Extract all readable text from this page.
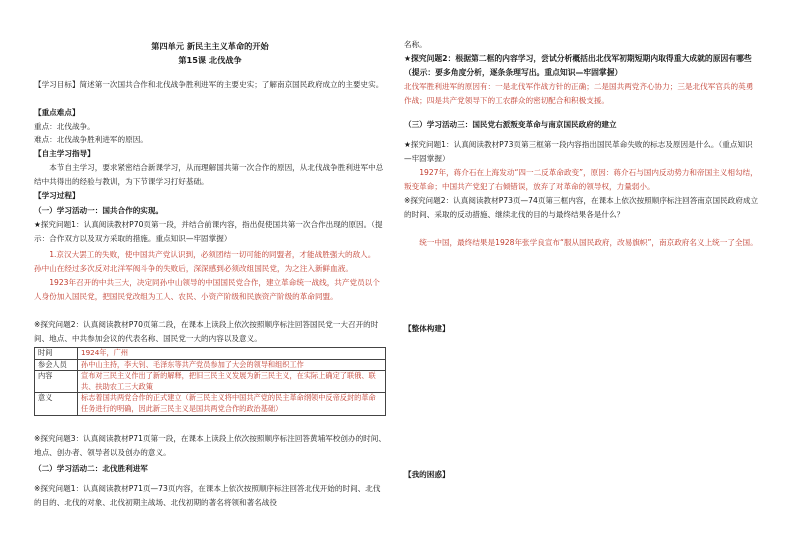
第四单元 新民主主义革命的开始
第15课 北伐战争
【学习目标】简述第一次国共合作和北伐战争胜利进军的主要史实；了解南京国民政府成立的主要史实。
【重点难点】
重点：北伐战争。
难点：北伐战争胜利进军的原因。
【自主学习指导】
本节自主学习，要求紧密结合新课学习，从而理解国共第一次合作的原因，从北伐战争胜利进军中总结中共得出的经验与教训，为下节课学习打好基础。
【学习过程】
（一）学习活动一：国共合作的实现。
★探究问题1：认真阅读教材P70页第一段，并结合前课内容，指出促使国共第一次合作出现的原因。（提示：合作双方以及双方采取的措施。重点知识—牢固掌握）
1.京汉大罢工的失败，使中国共产党认识到，必须团结一切可能的同盟者，才能战胜强大的敌人。
孙中山在经过多次反对北洋军阀斗争的失败后，深深感到必须改组国民党，为之注入新鲜血液。
1923年召开的中共三大，决定同孙中山领导的中国国民党合作，建立革命统一战线，共产党员以个人身份加入国民党，把国民党改组为工人、农民、小资产阶级和民族资产阶级的革命同盟。
※探究问题2：认真阅读教材P70页第二段，在课本上读段上依次按照顺序标注回答国民党一大召开的时间、地点、中共参加会议的代表名称、国民党一大的内容以及意义。
时间	1924年，广州
参会人员	孙中山主持，李大钊、毛泽东等共产党员参加了大会的领导和组织工作
内容	宣布对三民主义作出了新的解释，把旧三民主义发展为新三民主义，在实际上确定了联俄、联共、扶助农工三大政策
意义	标志着国共两党合作的正式建立（新三民主义将中国共产党的民主革命纲领中反帝反封的革命任务进行的明确，因此新三民主义是国共两党合作的政治基础）
※探究问题3：认真阅读教材P71页第一段，在课本上读段上依次按照顺序标注回答黄埔军校创办的时间、地点、创办者、领导者以及创办的意义。
（二）学习活动二：北伐胜利进军
※探究问题1：认真阅读教材P71页—73页内容，在课本上依次按照顺序标注回答北伐开始的时间、北伐的目的、北伐的对象、北伐初期主战场、北伐初期的著名将领和著名战役
名称。
★探究问题2：根据第二框的内容学习，尝试分析概括出北伐军初期短期内取得重大成就的原因有哪些（提示：要多角度分析，逐条条理写出。重点知识—牢固掌握）
北伐军胜利进军的原因有：一是北伐军作战方针的正确；二是国共两党齐心协力；三是北伐军官兵的英勇作战；四是共产党领导下的工农群众的密切配合和积极支援。
（三）学习活动三：国民党右派叛变革命与南京国民政府的建立
★探究问题1：认真阅读教材P73页第三框第一段内容指出国民革命失败的标志及原因是什么。（重点知识—牢固掌握）
1927年，蒋介石在上海发动“四一二反革命政变”，原因：蒋介石与国内反动势力和帝国主义相勾结，叛变革命；中国共产党犯了右倾错误，放弃了对革命的领导权，力量弱小。
※探究问题2：认真阅读教材P73页—74页第三框内容，在课本上依次按照顺序标注回答南京国民政府成立的时间、采取的反动措施、继续北伐的目的与最终结果各是什么？
统一中国，最终结果是1928年张学良宣布“服从国民政府，改易旗帜”，南京政府名义上统一了全国。
【整体构建】
【我的困惑】
